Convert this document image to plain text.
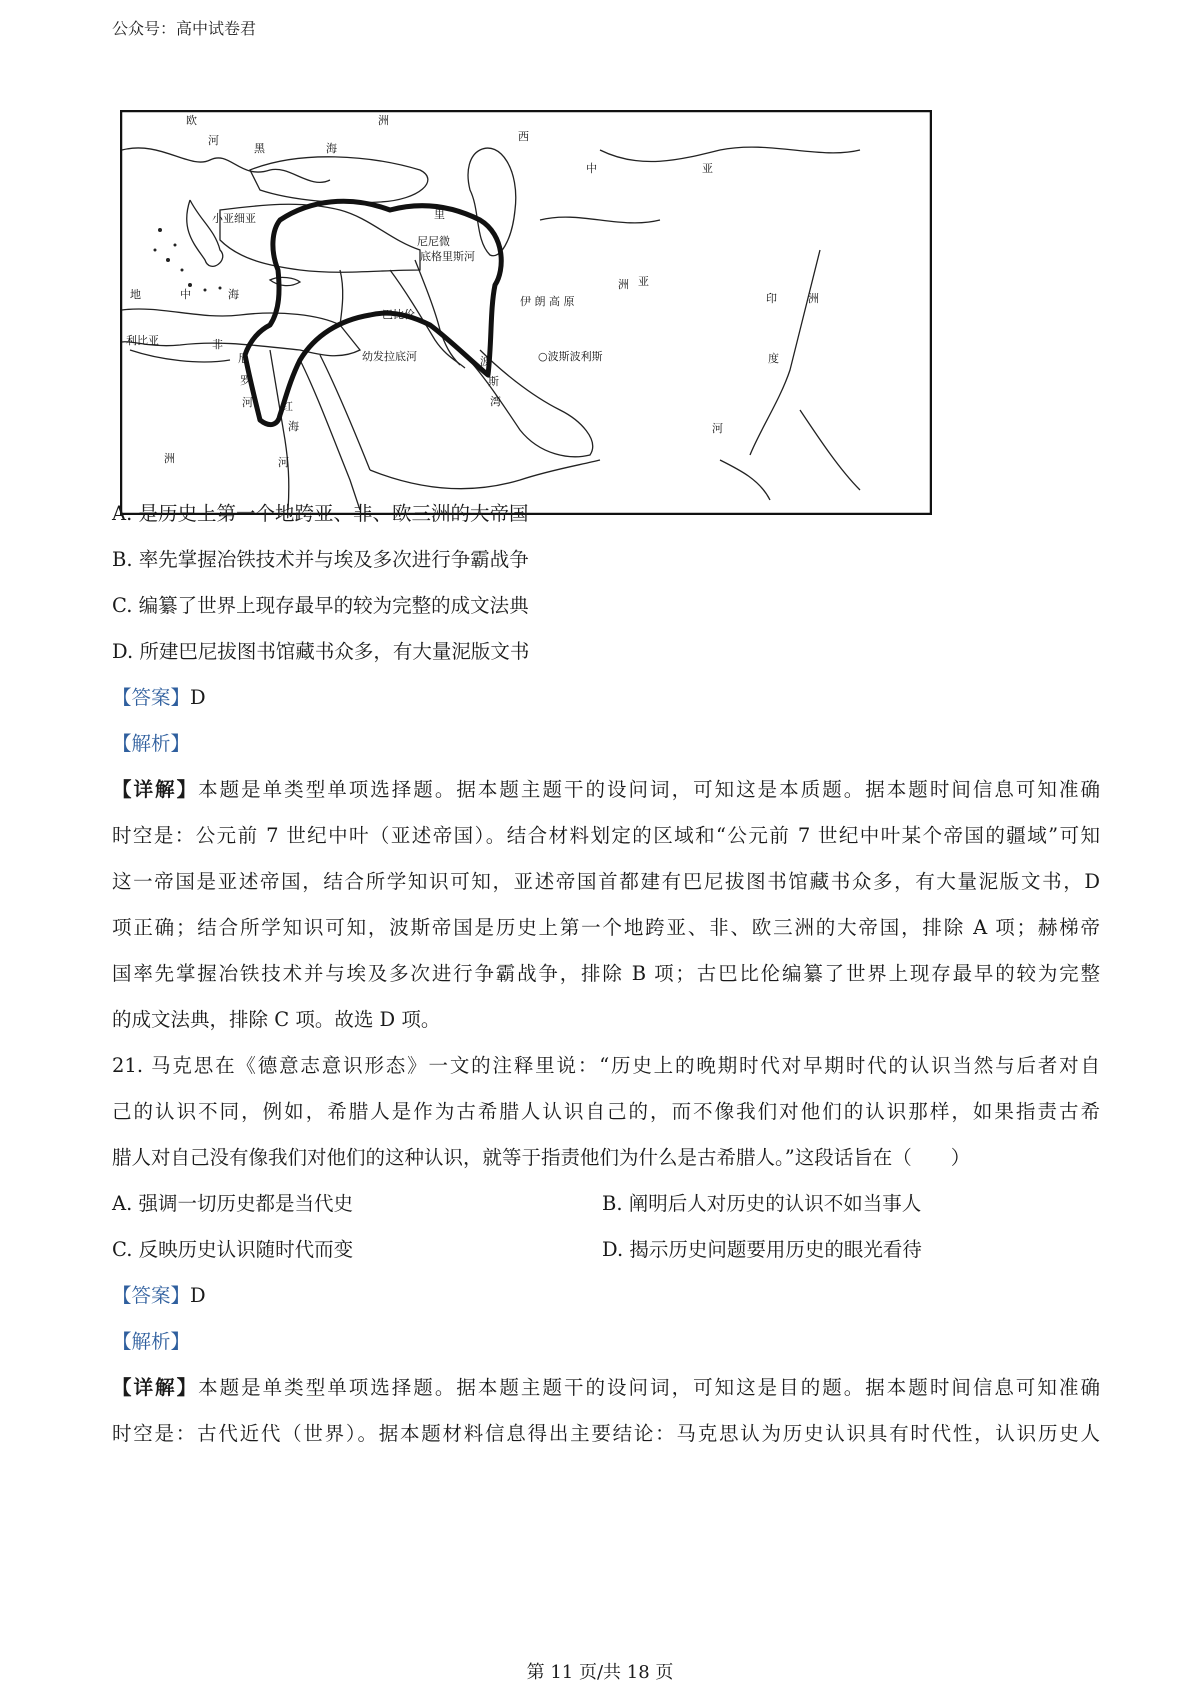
公众号：高中试卷君
欧	洲
河
黑	海
小亚细亚
地	中	海
西
尼尼微
底格里斯河
巴比伦
幼发拉底河	波
斯
湾
伊 朗 高 原
○波斯波利斯
中	亚
印	洲
度
河
利比亚	非
尼
罗
河	红
海
洲	河
里
亚
洲
A. 是历史上第一个地跨亚、非、欧三洲的大帝国
B. 率先掌握冶铁技术并与埃及多次进行争霸战争
C. 编纂了世界上现存最早的较为完整的成文法典
D. 所建巴尼拔图书馆藏书众多，有大量泥版文书
【答案】D
【解析】
【详解】本题是单类型单项选择题。据本题主题干的设问词，可知这是本质题。据本题时间信息可知准确
时空是：公元前 7 世纪中叶（亚述帝国）。结合材料划定的区域和“公元前 7 世纪中叶某个帝国的疆域”可知
这一帝国是亚述帝国，结合所学知识可知，亚述帝国首都建有巴尼拔图书馆藏书众多，有大量泥版文书，D
项正确；结合所学知识可知，波斯帝国是历史上第一个地跨亚、非、欧三洲的大帝国，排除 A 项；赫梯帝
国率先掌握冶铁技术并与埃及多次进行争霸战争，排除 B 项；古巴比伦编纂了世界上现存最早的较为完整
的成文法典，排除 C 项。故选 D 项。
21. 马克思在《德意志意识形态》一文的注释里说：“历史上的晚期时代对早期时代的认识当然与后者对自
己的认识不同，例如，希腊人是作为古希腊人认识自己的，而不像我们对他们的认识那样，如果指责古希
腊人对自己没有像我们对他们的这种认识，就等于指责他们为什么是古希腊人。”这段话旨在（　　）
A. 强调一切历史都是当代史	B. 阐明后人对历史的认识不如当事人
C. 反映历史认识随时代而变	D. 揭示历史问题要用历史的眼光看待
【答案】D
【解析】
【详解】本题是单类型单项选择题。据本题主题干的设问词，可知这是目的题。据本题时间信息可知准确
时空是：古代近代（世界）。据本题材料信息得出主要结论：马克思认为历史认识具有时代性，认识历史人
第 11 页/共 18 页
